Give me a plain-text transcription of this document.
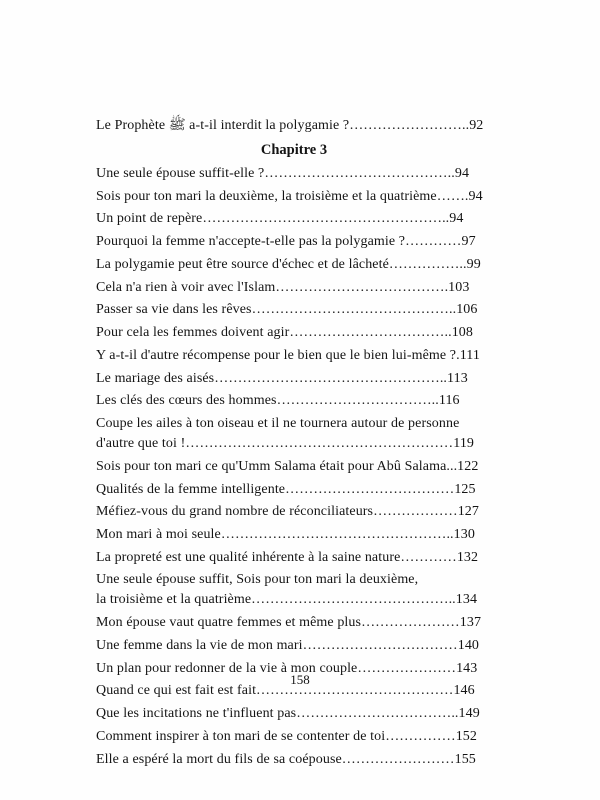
Le Prophète ﷺ a-t-il interdit la polygamie ?……………………..92
Chapitre 3
Une seule épouse suffit-elle ?…………………………………..94
Sois pour ton mari la deuxième, la troisième et la quatrième…….94
Un point de repère……………………………………………..94
Pourquoi la femme n'accepte-t-elle pas la polygamie ?…………97
La polygamie peut être source d'échec et de lâcheté……………..99
Cela n'a rien à voir avec l'Islam……………………………….103
Passer sa vie dans les rêves……………………………………..106
Pour cela les femmes doivent agir……………………………..108
Y a-t-il d'autre récompense pour le bien que le bien lui-même ?.111
Le mariage des aisés…………………………………………..113
Les clés des cœurs des hommes……………………………..116
Coupe les ailes à ton oiseau et il ne tournera autour de personne
d'autre que toi !…………………………………………………119
Sois pour ton mari ce qu'Umm Salama était pour Abû Salama...122
Qualités de la femme intelligente………………………………125
Méfiez-vous du grand nombre de réconciliateurs………………127
Mon mari à moi seule…………………………………………..130
La propreté est une qualité inhérente à la saine nature…………132
Une seule épouse suffit, Sois pour ton mari la deuxième,
la troisième et la quatrième……………………………………..134
Mon épouse vaut quatre femmes et même plus…………………137
Une femme dans la vie de mon mari……………………………140
Un plan pour redonner de la vie à mon couple…………………143
Quand ce qui est fait est fait……………………………………146
Que les incitations ne t'influent pas……………………………..149
Comment inspirer à ton mari de se contenter de toi……………152
Elle a espéré la mort du fils de sa coépouse……………………155
158
